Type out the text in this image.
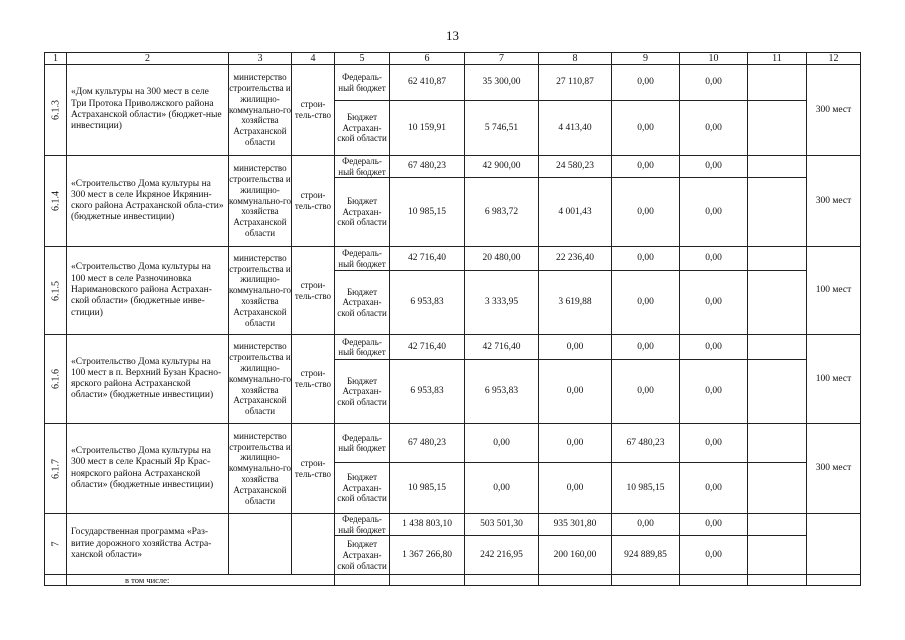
13
1	2	3	4	5	6	7	8	9	10	11	12

6.1.3	«Дом культуры на 300 мест в селе Три Протока Приволжского района Астраханской области» (бюджет-ные инвестиции)	министерство строительства и жилищно-коммунально-го хозяйства Астраханской области	строи-тель-ство	Федераль-ный бюджет	62 410,87	35 300,00	27 110,87	0,00	0,00		300 мест
				Бюджет Астрахан-ской области	10 159,91	5 746,51	4 413,40	0,00	0,00		

6.1.4	«Строительство Дома культуры на 300 мест в селе Икряное Икрянин-ского района Астраханской обла-сти» (бюджетные инвестиции)	министерство строительства и жилищно-коммунально-го хозяйства Астраханской области	строи-тель-ство	Федераль-ный бюджет	67 480,23	42 900,00	24 580,23	0,00	0,00		300 мест
				Бюджет Астрахан-ской области	10 985,15	6 983,72	4 001,43	0,00	0,00		

6.1.5	«Строительство Дома культуры на 100 мест в селе Разночиновка Наримановского района Астрахан-ской области» (бюджетные инве-стиции)	министерство строительства и жилищно-коммунально-го хозяйства Астраханской области	строи-тель-ство	Федераль-ный бюджет	42 716,40	20 480,00	22 236,40	0,00	0,00		100 мест
				Бюджет Астрахан-ской области	6 953,83	3 333,95	3 619,88	0,00	0,00		

6.1.6	«Строительство Дома культуры на 100 мест в п. Верхний Бузан Красно-ярского района Астраханской области» (бюджетные инвестиции)	министерство строительства и жилищно-коммунально-го хозяйства Астраханской области	строи-тель-ство	Федераль-ный бюджет	42 716,40	42 716,40	0,00	0,00	0,00		100 мест
				Бюджет Астрахан-ской области	6 953,83	6 953,83	0,00	0,00	0,00		

6.1.7	«Строительство Дома культуры на 300 мест в селе Красный Яр Крас-ноярского района Астраханской области» (бюджетные инвестиции)	министерство строительства и жилищно-коммунально-го хозяйства Астраханской области	строи-тель-ство	Федераль-ный бюджет	67 480,23	0,00	0,00	67 480,23	0,00		300 мест
				Бюджет Астрахан-ской области	10 985,15	0,00	0,00	10 985,15	0,00		

7	Государственная программа «Раз-витие дорожного хозяйства Астра-ханской области»			Федераль-ный бюджет	1 438 803,10	503 501,30	935 301,80	0,00	0,00		
				Бюджет Астрахан-ской области	1 367 266,80	242 216,95	200 160,00	924 889,85	0,00		
	в том числе:										
